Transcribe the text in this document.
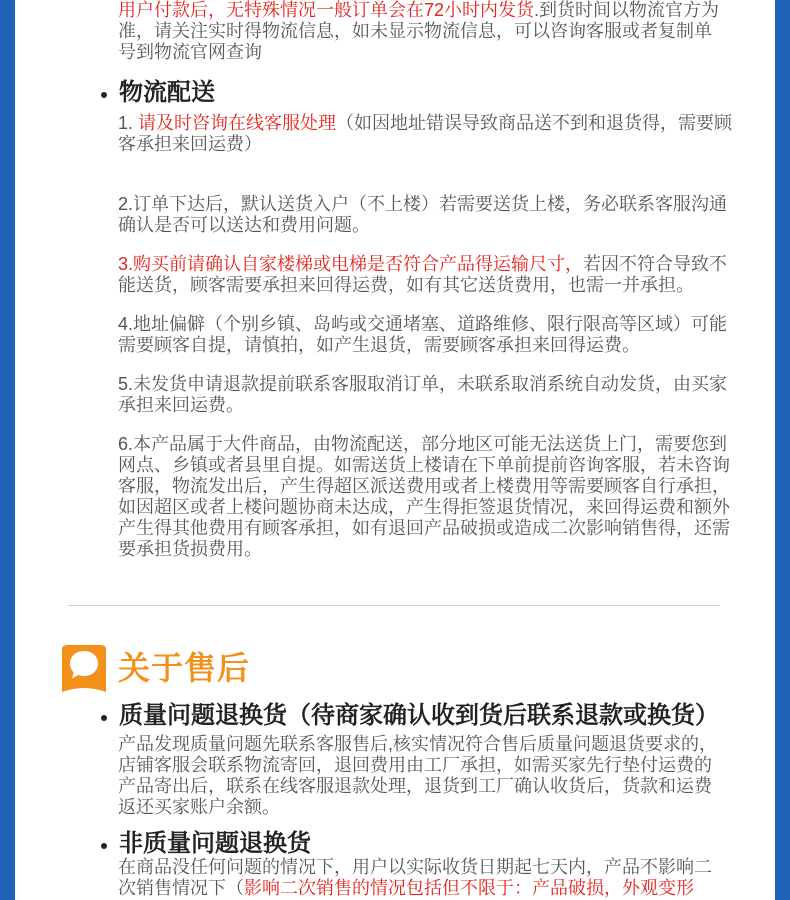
用户付款后，无特殊情况一般订单会在72小时内发货.到货时间以物流官方为
准，请关注实时得物流信息，如未显示物流信息，可以咨询客服或者复制单
号到物流官网查询
物流配送
1. 请及时咨询在线客服处理（如因地址错误导致商品送不到和退货得，需要顾
客承担来回运费）
2.订单下达后，默认送货入户（不上楼）若需要送货上楼，务必联系客服沟通
确认是否可以送达和费用问题。
3.购买前请确认自家楼梯或电梯是否符合产品得运输尺寸，若因不符合导致不
能送货，顾客需要承担来回得运费，如有其它送货费用，也需一并承担。
4.地址偏僻（个别乡镇、岛屿或交通堵塞、道路维修、限行限高等区域）可能
需要顾客自提，请慎拍，如产生退货，需要顾客承担来回得运费。
5.未发货申请退款提前联系客服取消订单，未联系取消系统自动发货，由买家
承担来回运费。
6.本产品属于大件商品，由物流配送，部分地区可能无法送货上门，需要您到
网点、乡镇或者县里自提。如需送货上楼请在下单前提前咨询客服，若未咨询
客服，物流发出后，产生得超区派送费用或者上楼费用等需要顾客自行承担，
如因超区或者上楼问题协商未达成，产生得拒签退货情况，来回得运费和额外
产生得其他费用有顾客承担，如有退回产品破损或造成二次影响销售得，还需
要承担货损费用。
关于售后
质量问题退换货（待商家确认收到货后联系退款或换货）
产品发现质量问题先联系客服售后,核实情况符合售后质量问题退货要求的，
店铺客服会联系物流寄回，退回费用由工厂承担，如需买家先行垫付运费的
产品寄出后，联系在线客服退款处理，退货到工厂确认收货后，货款和运费
返还买家账户余额。
非质量问题退换货
在商品没任何问题的情况下，用户以实际收货日期起七天内，产品不影响二
次销售情况下（影响二次销售的情况包括但不限于：产品破损，外观变形
